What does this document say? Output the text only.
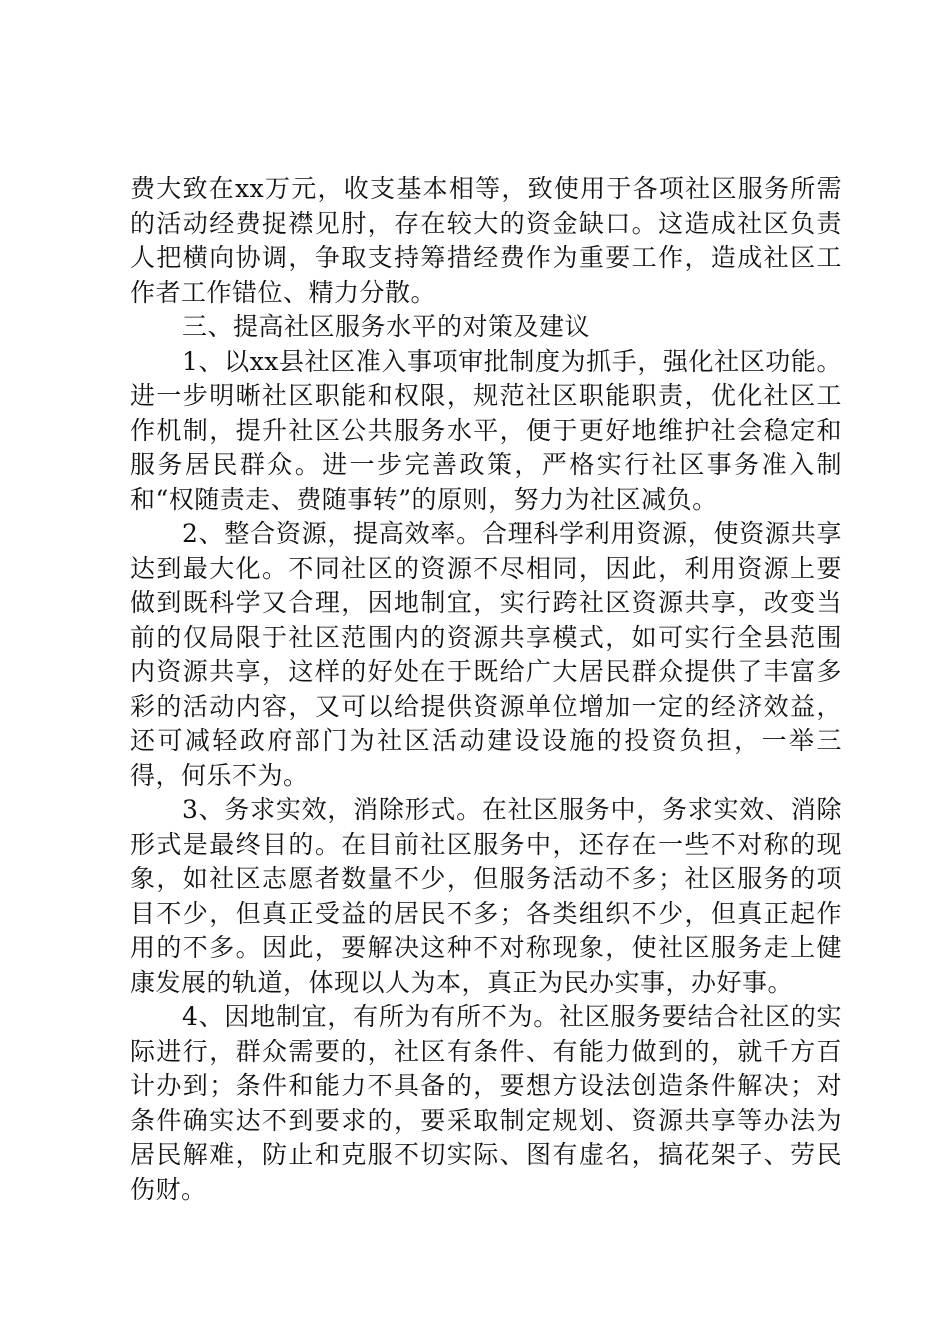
费大致在xx万元，收支基本相等，致使用于各项社区服务所需的活动经费捉襟见肘，存在较大的资金缺口。这造成社区负责人把横向协调，争取支持筹措经费作为重要工作，造成社区工作者工作错位、精力分散。

三、提高社区服务水平的对策及建议

1、以xx县社区准入事项审批制度为抓手，强化社区功能。进一步明晰社区职能和权限，规范社区职能职责，优化社区工作机制，提升社区公共服务水平，便于更好地维护社会稳定和服务居民群众。进一步完善政策，严格实行社区事务准入制和“权随责走、费随事转”的原则，努力为社区减负。

2、整合资源，提高效率。合理科学利用资源，使资源共享达到最大化。不同社区的资源不尽相同，因此，利用资源上要做到既科学又合理，因地制宜，实行跨社区资源共享，改变当前的仅局限于社区范围内的资源共享模式，如可实行全县范围内资源共享，这样的好处在于既给广大居民群众提供了丰富多彩的活动内容，又可以给提供资源单位增加一定的经济效益，还可减轻政府部门为社区活动建设设施的投资负担，一举三得，何乐不为。

3、务求实效，消除形式。在社区服务中，务求实效、消除形式是最终目的。在目前社区服务中，还存在一些不对称的现象，如社区志愿者数量不少，但服务活动不多；社区服务的项目不少，但真正受益的居民不多；各类组织不少，但真正起作用的不多。因此，要解决这种不对称现象，使社区服务走上健康发展的轨道，体现以人为本，真正为民办实事，办好事。

4、因地制宜，有所为有所不为。社区服务要结合社区的实际进行，群众需要的，社区有条件、有能力做到的，就千方百计办到；条件和能力不具备的，要想方设法创造条件解决；对条件确实达不到要求的，要采取制定规划、资源共享等办法为居民解难，防止和克服不切实际、图有虚名，搞花架子、劳民伤财。
